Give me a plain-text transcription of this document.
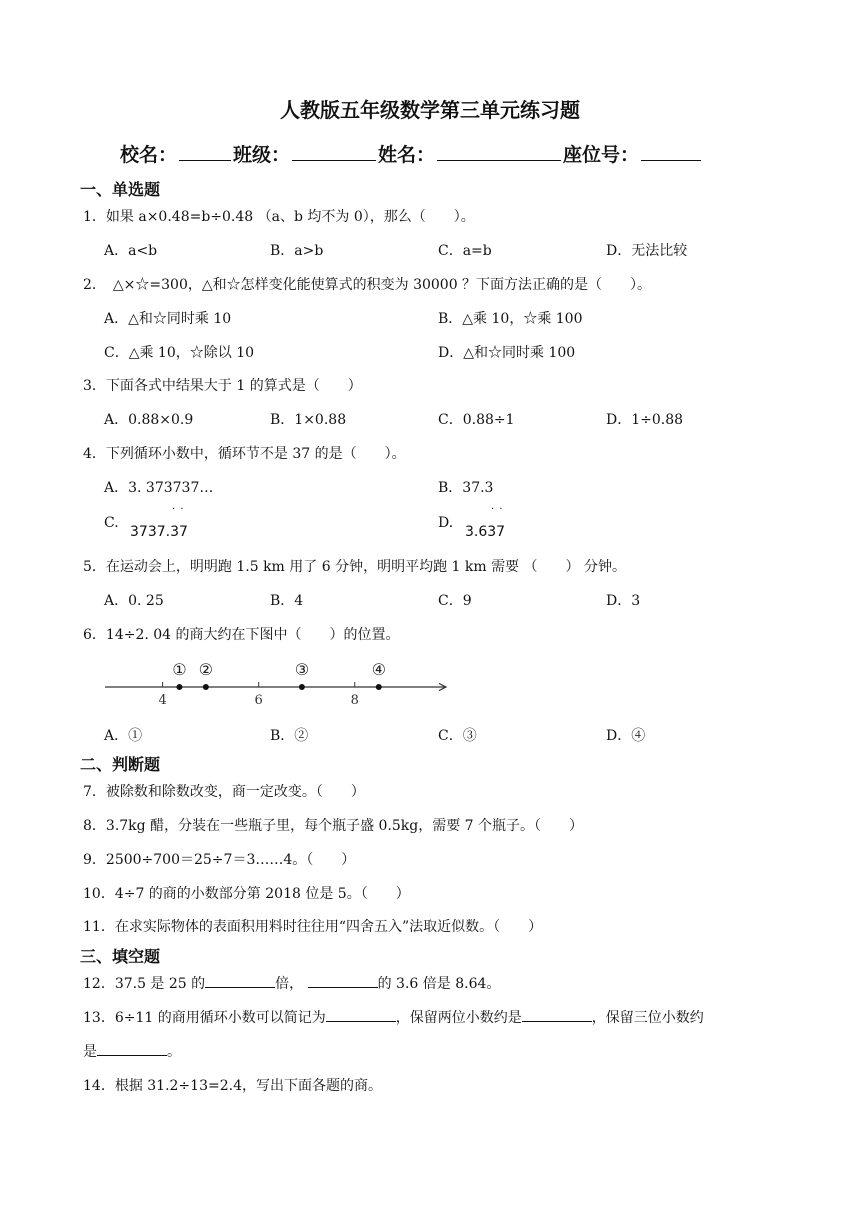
人教版五年级数学第三单元练习题
校名：	班级：	姓名：	座位号：
一、单选题
1．如果 a×0.48=b÷0.48 （a、b 均不为 0），那么（　　）。
A．a<b	B．a>b	C．a=b	D．无法比较
2．　△×☆=300，△和☆怎样变化能使算式的积变为 30000 ？下面方法正确的是（　　）。
A．△和☆同时乘 10	B．△乘 10，☆乘 100
C．△乘 10，☆除以 10	D．△和☆同时乘 100
3．下面各式中结果大于 1 的算式是（　　）
A．0.88×0.9	B．1×0.88	C．0.88÷1	D．1÷0.88
4．下列循环小数中，循环节不是 37 的是（　　）。
A．3. 373737…	B．37.3
C.
· ·
3737.37
D.
· ·
3.637
5．在运动会上，明明跑 1.5 km 用了 6 分钟，明明平均跑 1 km 需要 （　　） 分钟。
A．0. 25	B．4	C．9	D．3
6．14÷2. 04 的商大约在下图中（　　）的位置。
4	6	8
① ②	③	④
A．①	B．②	C．③	D．④
二、判断题
7．被除数和除数改变，商一定改变。（　　）
8．3.7kg 醋，分装在一些瓶子里，每个瓶子盛 0.5kg，需要 7 个瓶子。（　　）
9．2500÷700＝25÷7＝3……4。（　　）
10．4÷7 的商的小数部分第 2018 位是 5。（　　）
11．在求实际物体的表面积用料时往往用“四舍五入”法取近似数。（　　）
三、填空题
12．37.5 是 25 的	倍，	的 3.6 倍是 8.64。
13．6÷11 的商用循环小数可以简记为	，保留两位小数约是	，保留三位小数约
是	。
14．根据 31.2÷13=2.4，写出下面各题的商。
